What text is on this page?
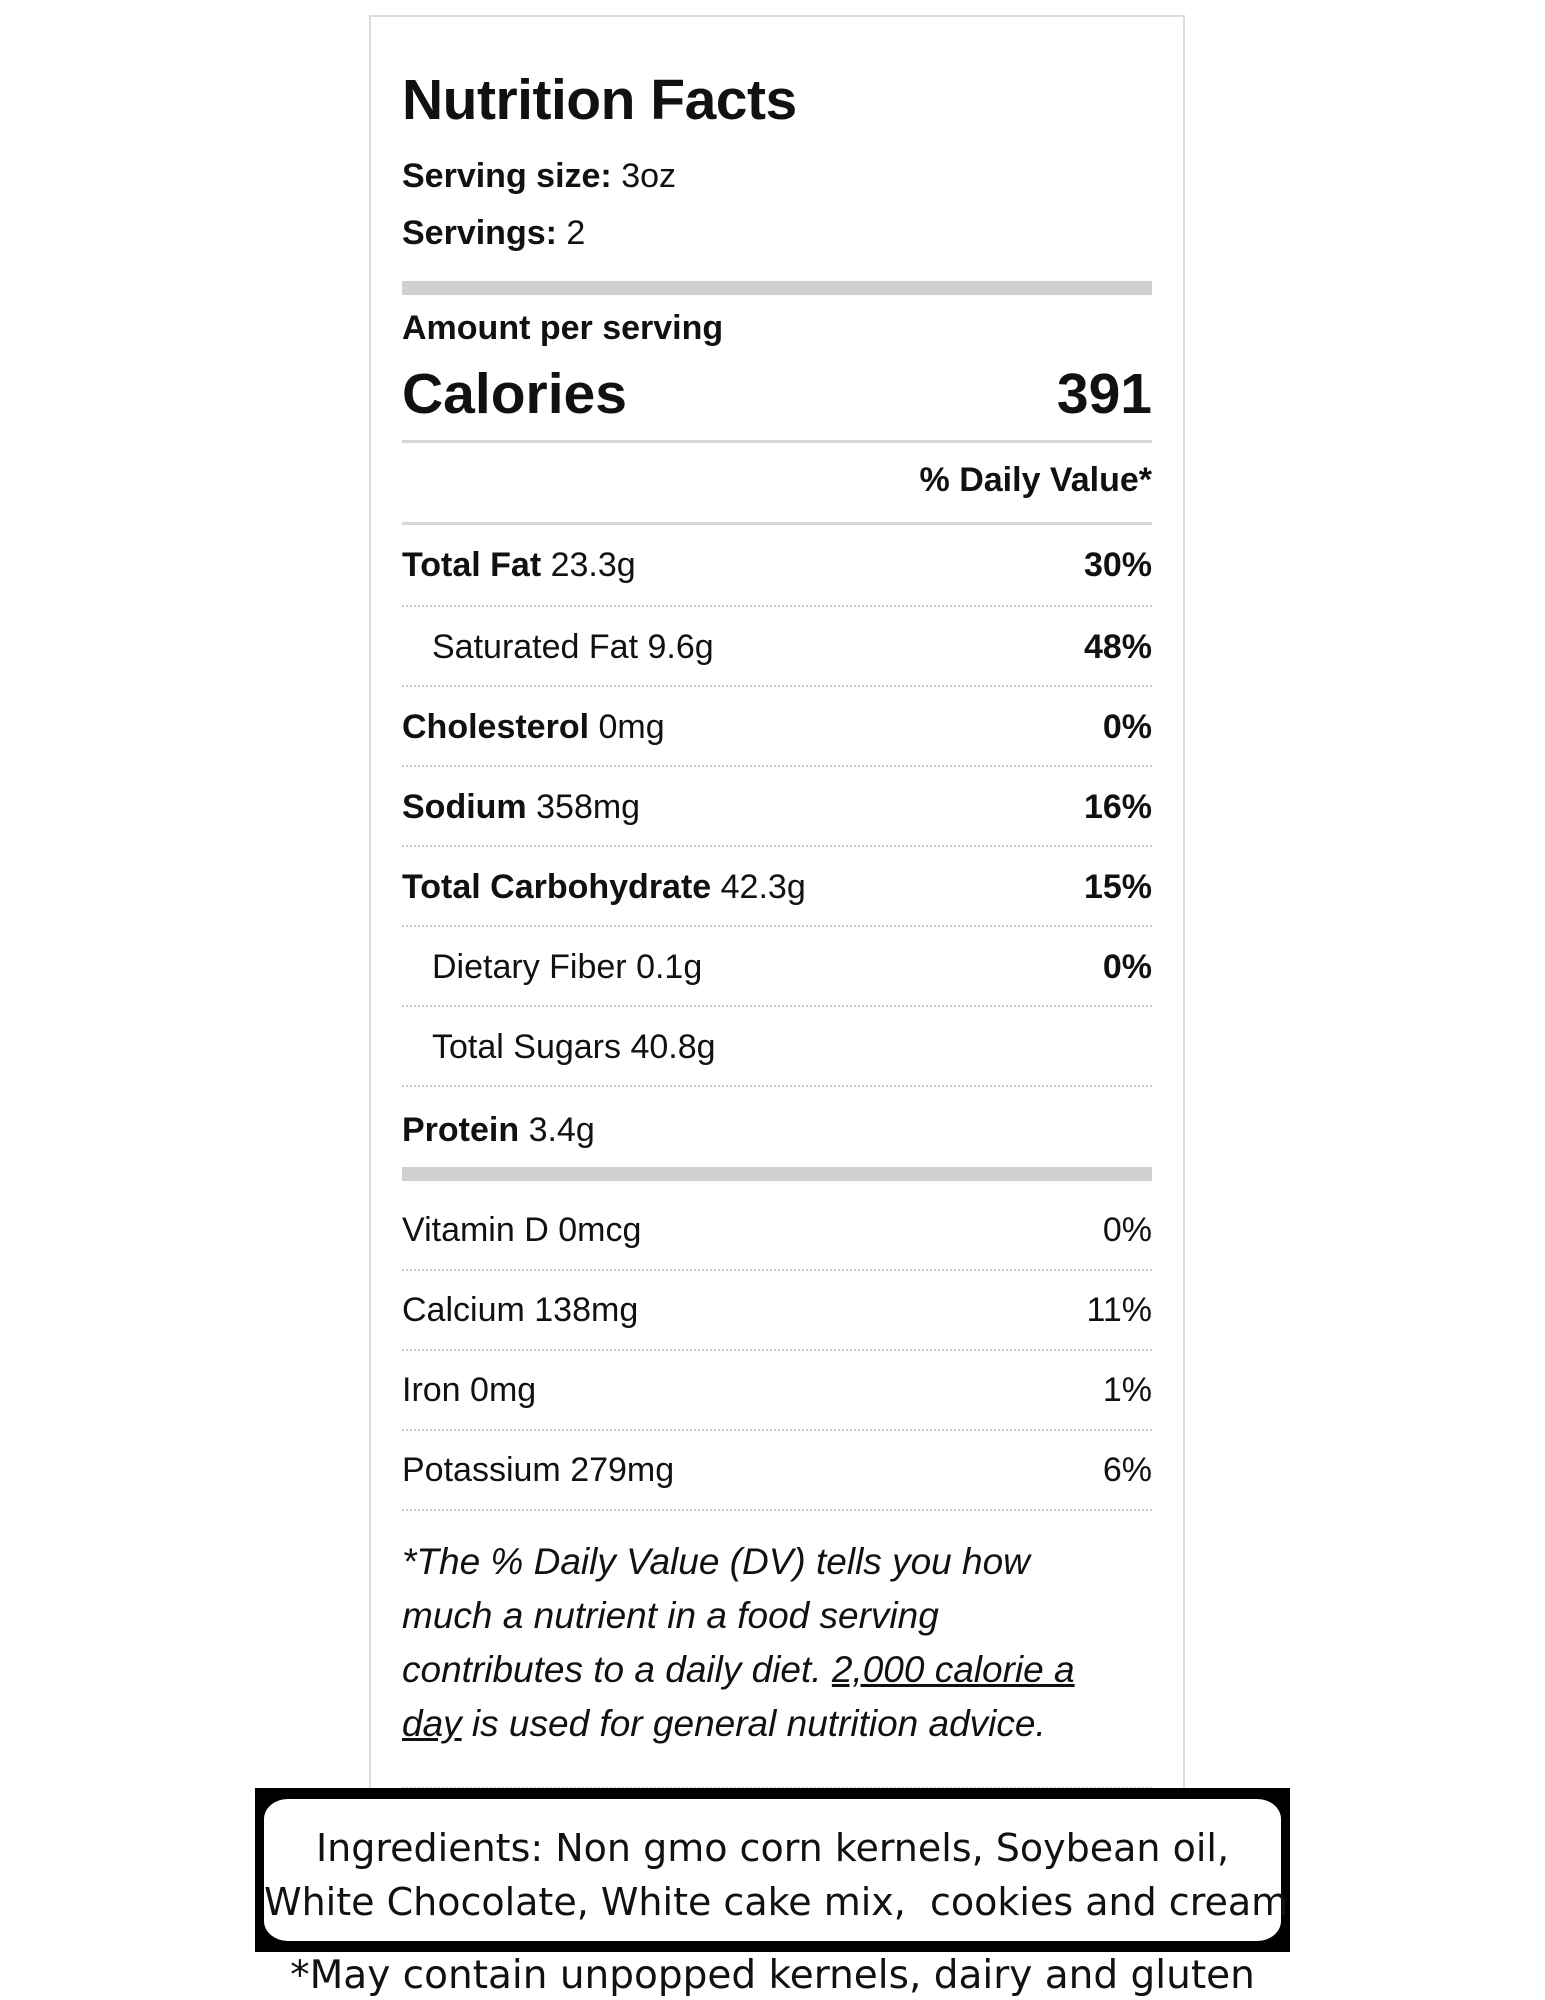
Nutrition Facts
Serving size: 3oz
Servings: 2
Amount per serving
Calories	391
% Daily Value*
Total Fat 23.3g	30%
Saturated Fat 9.6g	48%
Cholesterol 0mg	0%
Sodium 358mg	16%
Total Carbohydrate 42.3g	15%
Dietary Fiber 0.1g	0%
Total Sugars 40.8g
Protein 3.4g
Vitamin D 0mcg	0%
Calcium 138mg	11%
Iron 0mg	1%
Potassium 279mg	6%
*The % Daily Value (DV) tells you how much a nutrient in a food serving contributes to a daily diet. 2,000 calorie a day is used for general nutrition advice.
Ingredients: Non gmo corn kernels, Soybean oil,
White Chocolate, White cake mix,  cookies and cream
*May contain unpopped kernels, dairy and gluten
